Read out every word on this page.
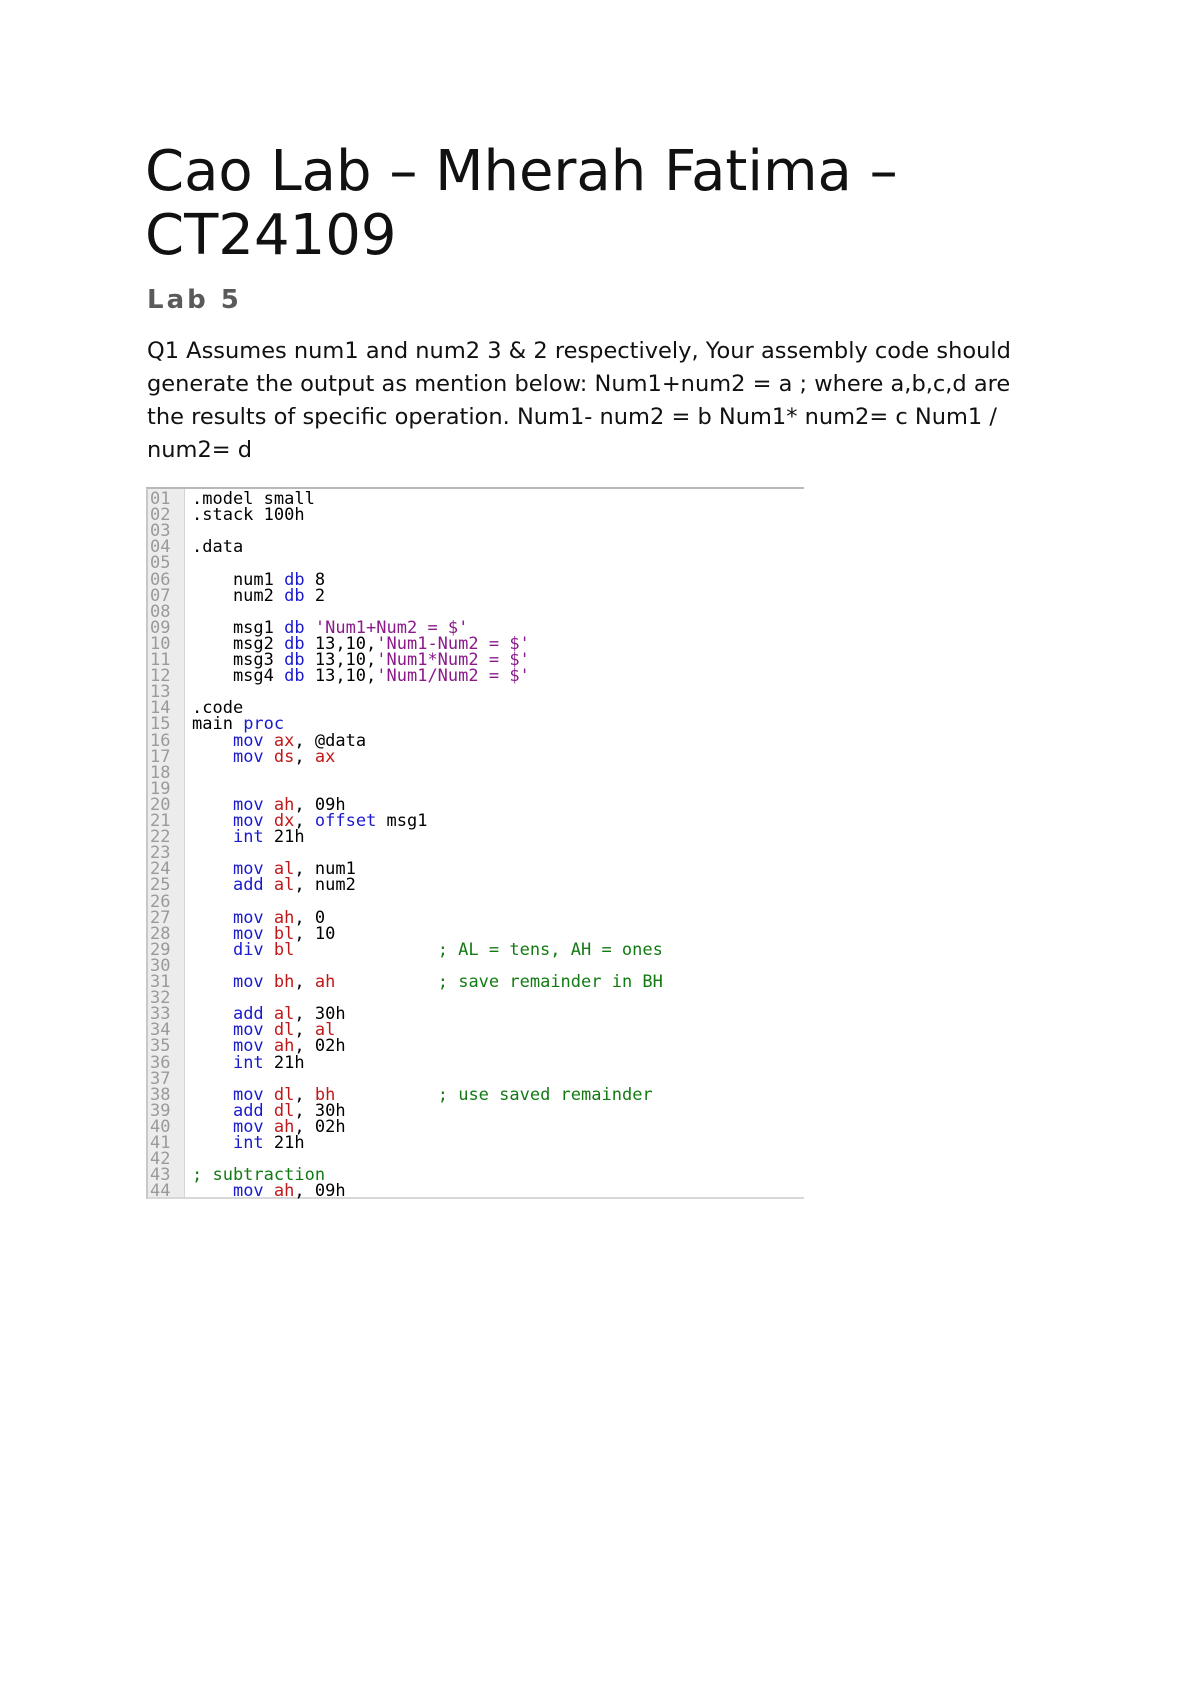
Cao Lab – Mherah Fatima – CT24109
Lab 5

Q1 Assumes num1 and num2 3 & 2 respectively, Your assembly code should generate the output as mention below: Num1+num2 = a ; where a,b,c,d are the results of specific operation. Num1- num2 = b Num1* num2= c Num1 / num2= d

01	.model small
02	.stack 100h
03
04	.data
05
06	num1 db 8
07	num2 db 2
08
09	msg1 db 'Num1+Num2 = $'
10	msg2 db 13,10,'Num1-Num2 = $'
11	msg3 db 13,10,'Num1*Num2 = $'
12	msg4 db 13,10,'Num1/Num2 = $'
13
14	.code
15	main proc
16	mov ax, @data
17	mov ds, ax
18
19
20	mov ah, 09h
21	mov dx, offset msg1
22	int 21h
23
24	mov al, num1
25	add al, num2
26
27	mov ah, 0
28	mov bl, 10
29	div bl	; AL = tens, AH = ones
30
31	mov bh, ah	; save remainder in BH
32
33	add al, 30h
34	mov dl, al
35	mov ah, 02h
36	int 21h
37
38	mov dl, bh	; use saved remainder
39	add dl, 30h
40	mov ah, 02h
41	int 21h
42
43	; subtraction
44	mov ah, 09h
